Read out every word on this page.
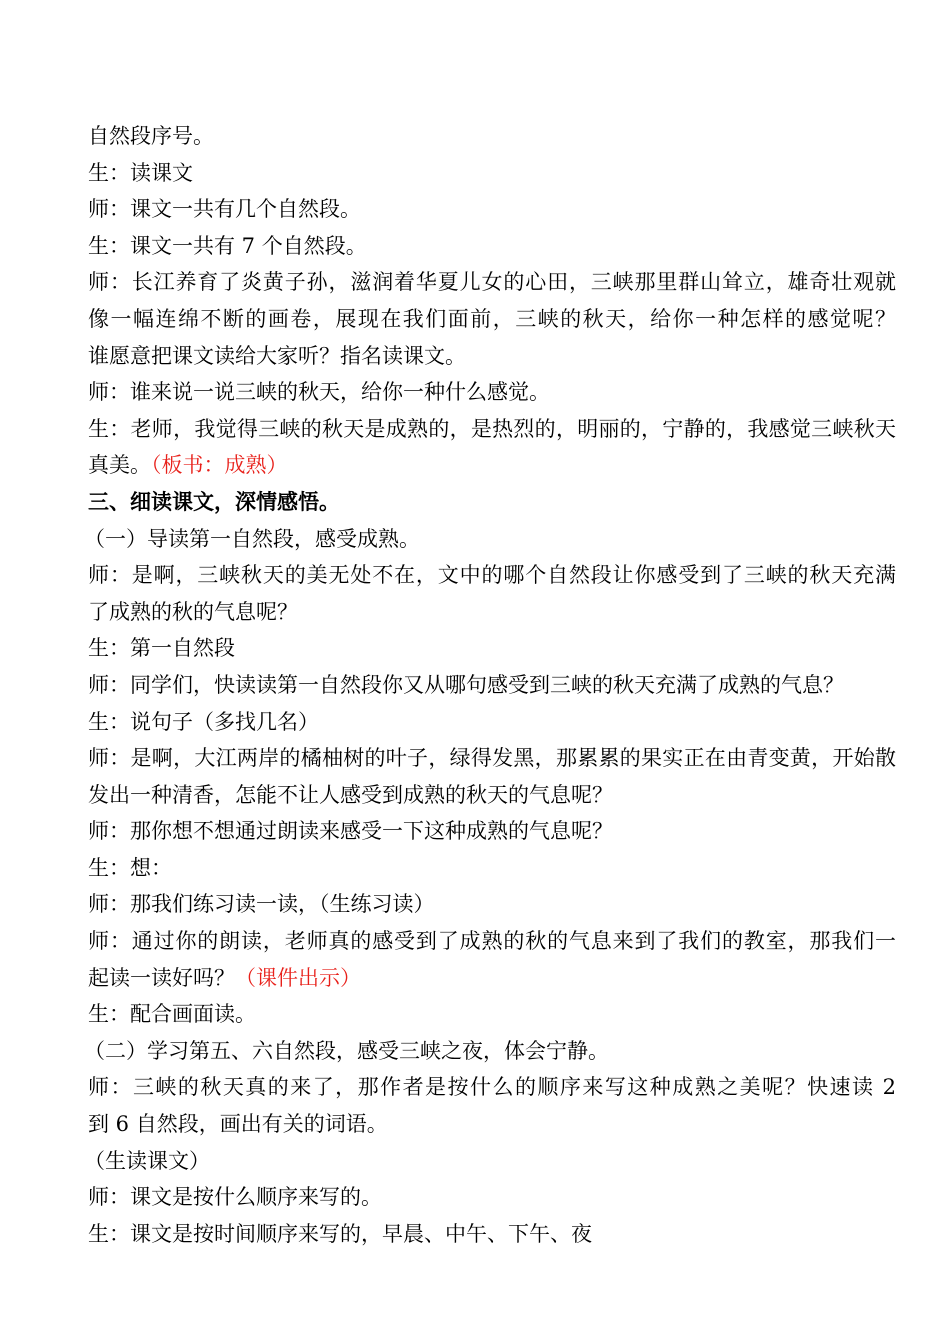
自然段序号。
生：读课文
师：课文一共有几个自然段。
生：课文一共有 7 个自然段。
师：长江养育了炎黄子孙，滋润着华夏儿女的心田，三峡那里群山耸立，雄奇壮观就
像一幅连绵不断的画卷，展现在我们面前，三峡的秋天，给你一种怎样的感觉呢？
谁愿意把课文读给大家听？指名读课文。
师：谁来说一说三峡的秋天，给你一种什么感觉。
生：老师，我觉得三峡的秋天是成熟的，是热烈的，明丽的，宁静的，我感觉三峡秋天
真美。（板书：成熟）
三、细读课文，深情感悟。
（一）导读第一自然段，感受成熟。
师：是啊，三峡秋天的美无处不在，文中的哪个自然段让你感受到了三峡的秋天充满
了成熟的秋的气息呢？
生：第一自然段
师：同学们，快读读第一自然段你又从哪句感受到三峡的秋天充满了成熟的气息？
生：说句子（多找几名）
师：是啊，大江两岸的橘柚树的叶子，绿得发黑，那累累的果实正在由青变黄，开始散
发出一种清香，怎能不让人感受到成熟的秋天的气息呢？
师：那你想不想通过朗读来感受一下这种成熟的气息呢？
生：想：
师：那我们练习读一读，（生练习读）
师：通过你的朗读，老师真的感受到了成熟的秋的气息来到了我们的教室，那我们一
起读一读好吗？（课件出示）
生：配合画面读。
（二）学习第五、六自然段，感受三峡之夜，体会宁静。
师：三峡的秋天真的来了，那作者是按什么的顺序来写这种成熟之美呢？快速读 2
到 6 自然段，画出有关的词语。
（生读课文）
师：课文是按什么顺序来写的。
生：课文是按时间顺序来写的，早晨、中午、下午、夜
